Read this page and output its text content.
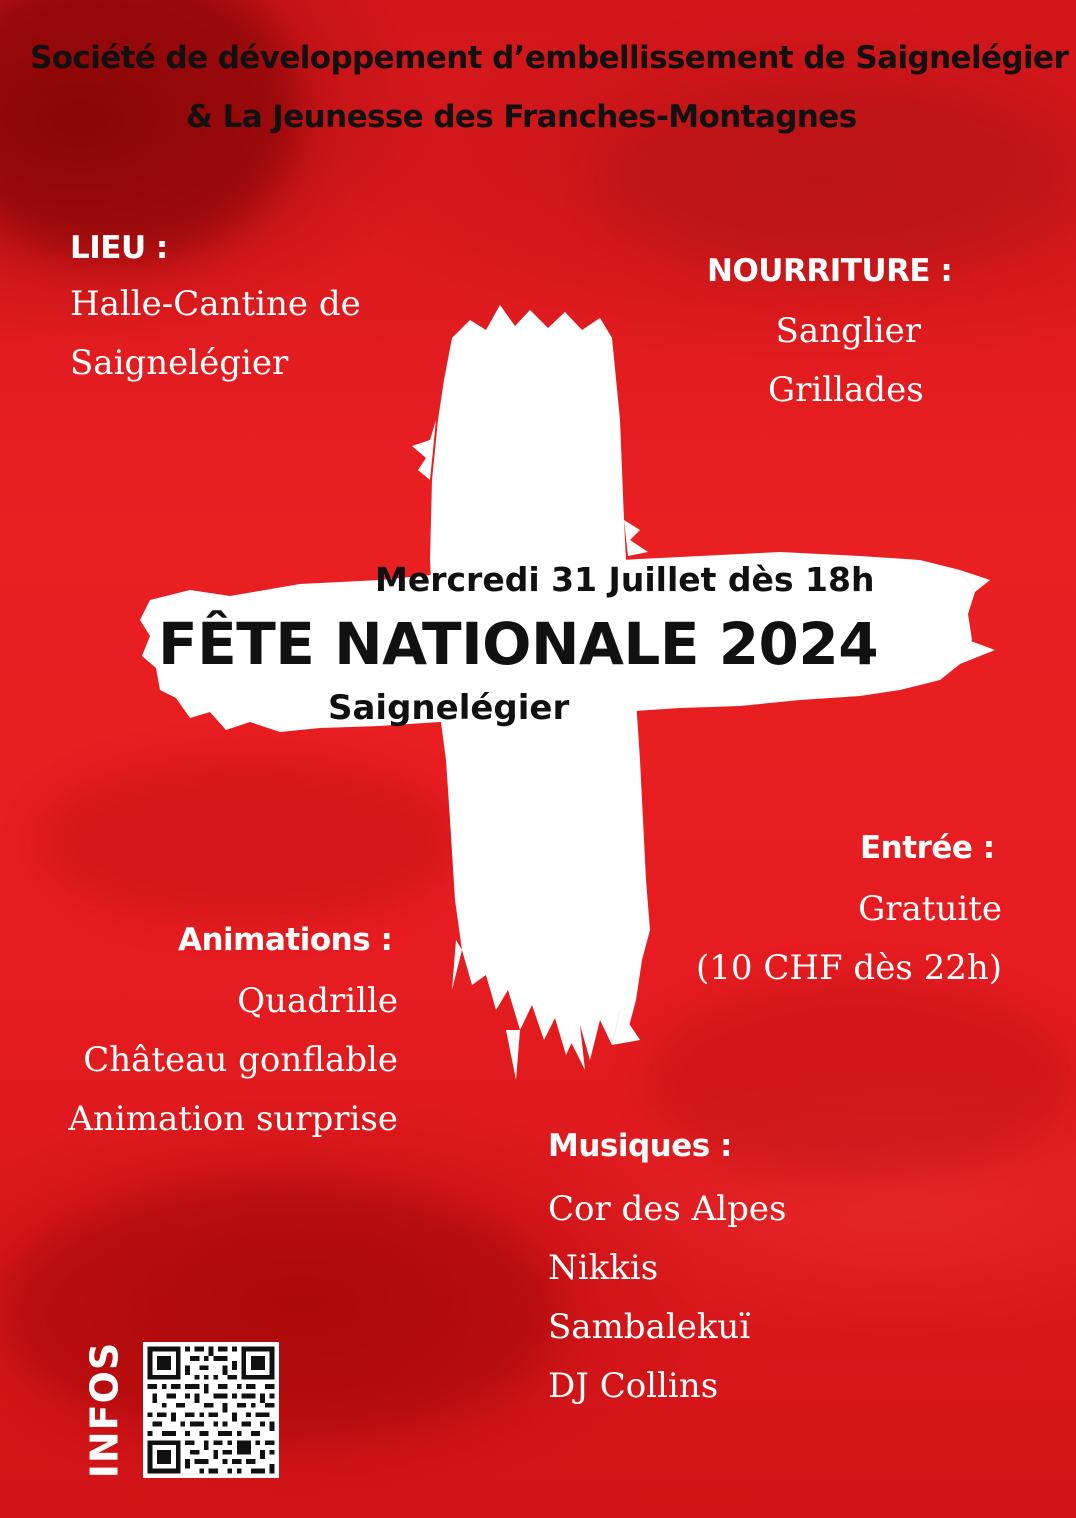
Société de développement d’embellissement de Saignelégier

& La Jeunesse des Franches-Montagnes

LIEU :

Halle-Cantine de
Saignelégier

NOURRITURE :

Sanglier
Grillades

Mercredi 31 Juillet dès 18h

FÊTE NATIONALE 2024

Saignelégier

Entrée :

Gratuite
(10 CHF dès 22h)

Animations :

Quadrille
Château gonflable
Animation surprise

Musiques :

Cor des Alpes
Nikkis
Sambalekuï
DJ Collins
INFOS
